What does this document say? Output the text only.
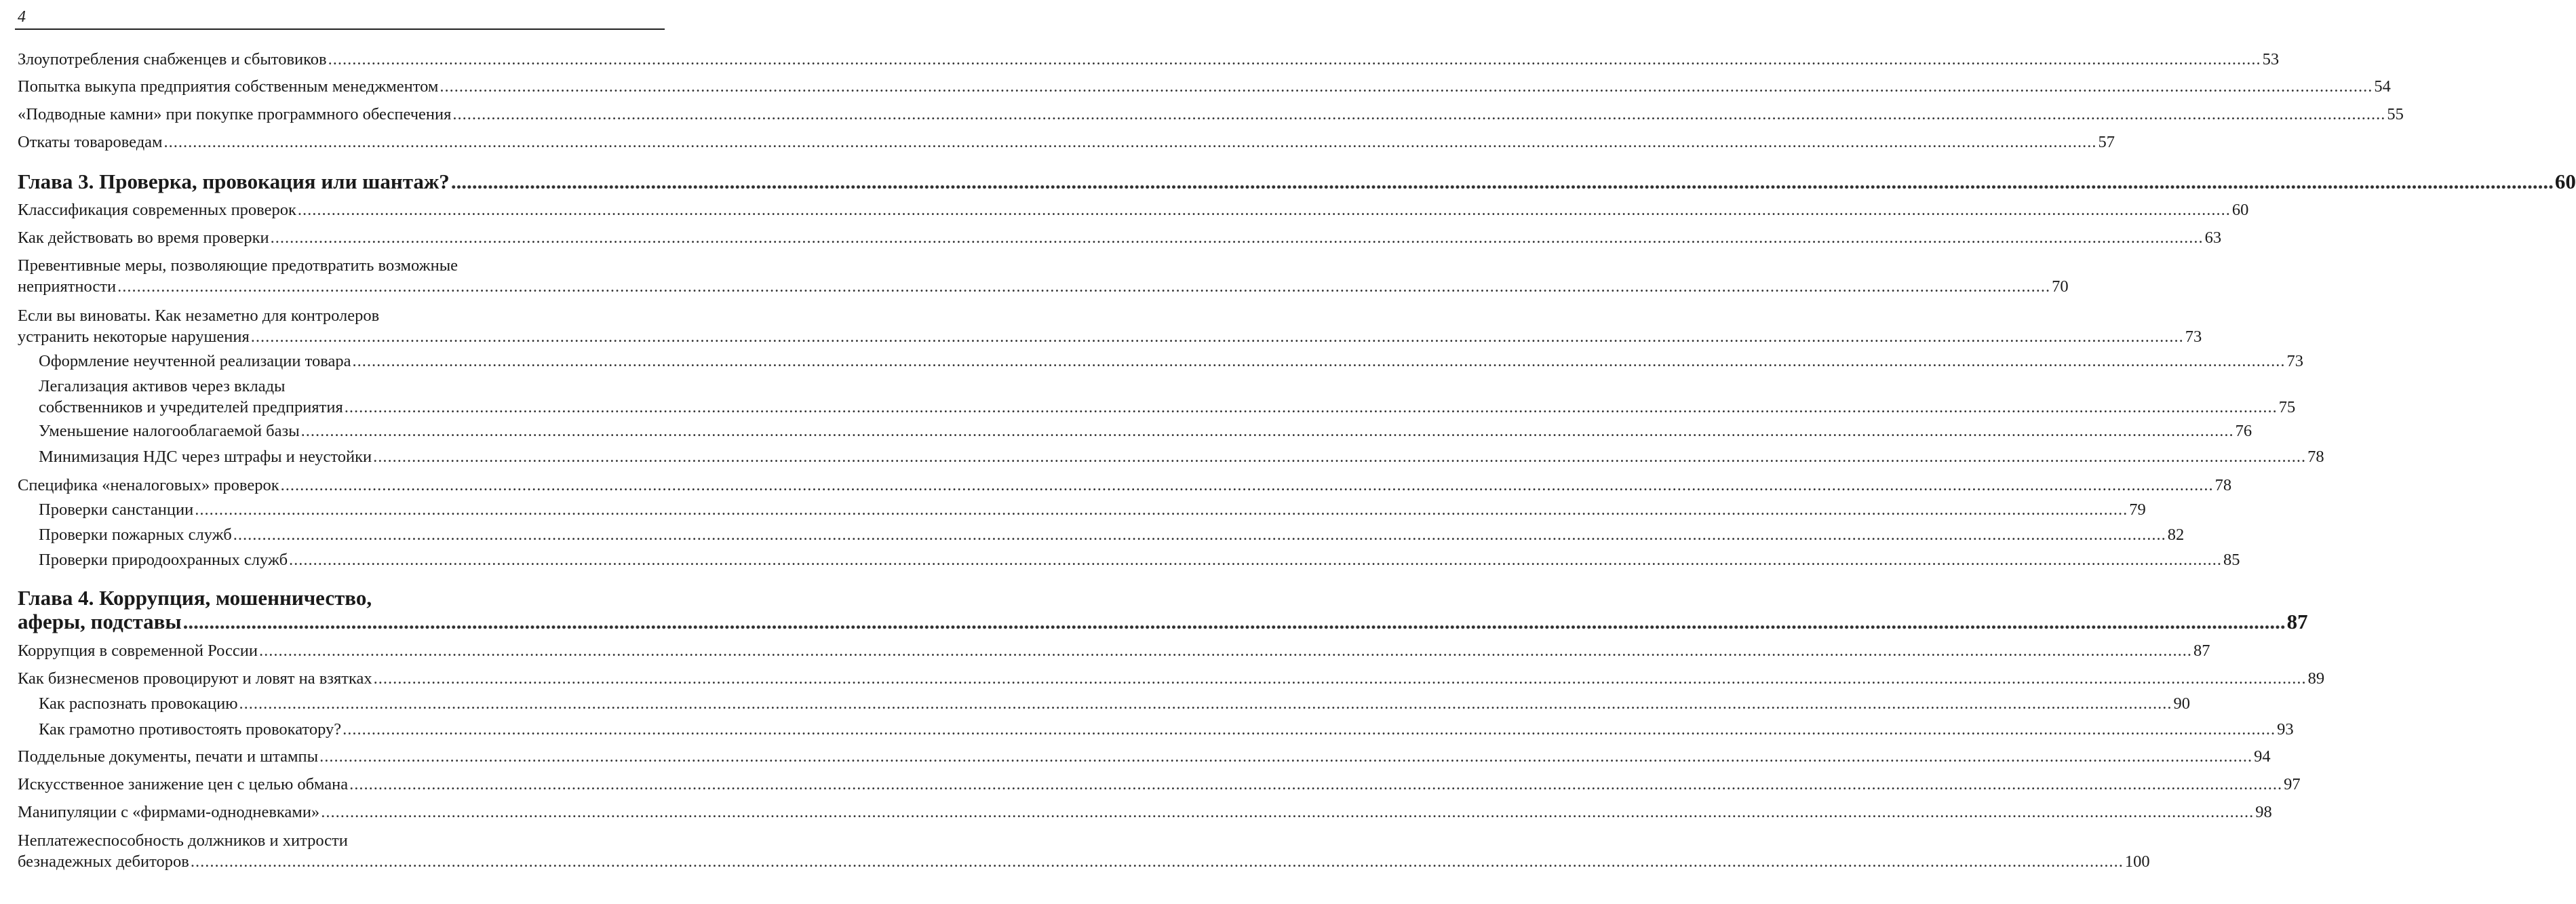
4
Злоупотребления снабженцев и сбытовиков ................................................................................................................................................................................................................................................................................................................................................................................................................ 53
Попытка выкупа предприятия собственным менеджментом ................................................................................................................................................................................................................................................................................................................................................................................................................ 54
«Подводные камни» при покупке программного обеспечения ................................................................................................................................................................................................................................................................................................................................................................................................................ 55
Откаты товароведам ................................................................................................................................................................................................................................................................................................................................................................................................................ 57
Глава 3. Проверка, провокация или шантаж? ................................................................................................................................................................................................................................................................................................................................................................................................................ 60
Классификация современных проверок ................................................................................................................................................................................................................................................................................................................................................................................................................ 60
Как действовать во время проверки ................................................................................................................................................................................................................................................................................................................................................................................................................ 63
Превентивные меры, позволяющие предотвратить возможные
неприятности ................................................................................................................................................................................................................................................................................................................................................................................................................ 70
Если вы виноваты. Как незаметно для контролеров
устранить некоторые нарушения ................................................................................................................................................................................................................................................................................................................................................................................................................ 73
Оформление неучтенной реализации товара ................................................................................................................................................................................................................................................................................................................................................................................................................ 73
Легализация активов через вклады
собственников и учредителей предприятия ................................................................................................................................................................................................................................................................................................................................................................................................................ 75
Уменьшение налогооблагаемой базы ................................................................................................................................................................................................................................................................................................................................................................................................................ 76
Минимизация НДС через штрафы и неустойки ................................................................................................................................................................................................................................................................................................................................................................................................................ 78
Специфика «неналоговых» проверок ................................................................................................................................................................................................................................................................................................................................................................................................................ 78
Проверки санстанции ................................................................................................................................................................................................................................................................................................................................................................................................................ 79
Проверки пожарных служб ................................................................................................................................................................................................................................................................................................................................................................................................................ 82
Проверки природоохранных служб ................................................................................................................................................................................................................................................................................................................................................................................................................ 85
Глава 4. Коррупция, мошенничество,
аферы, подставы ................................................................................................................................................................................................................................................................................................................................................................................................................ 87
Коррупция в современной России ................................................................................................................................................................................................................................................................................................................................................................................................................ 87
Как бизнесменов провоцируют и ловят на взятках ................................................................................................................................................................................................................................................................................................................................................................................................................ 89
Как распознать провокацию ................................................................................................................................................................................................................................................................................................................................................................................................................ 90
Как грамотно противостоять провокатору? ................................................................................................................................................................................................................................................................................................................................................................................................................ 93
Поддельные документы, печати и штампы ................................................................................................................................................................................................................................................................................................................................................................................................................ 94
Искусственное занижение цен с целью обмана ................................................................................................................................................................................................................................................................................................................................................................................................................ 97
Манипуляции с «фирмами-однодневками» ................................................................................................................................................................................................................................................................................................................................................................................................................ 98
Неплатежеспособность должников и хитрости
безнадежных дебиторов ................................................................................................................................................................................................................................................................................................................................................................................................................ 100
